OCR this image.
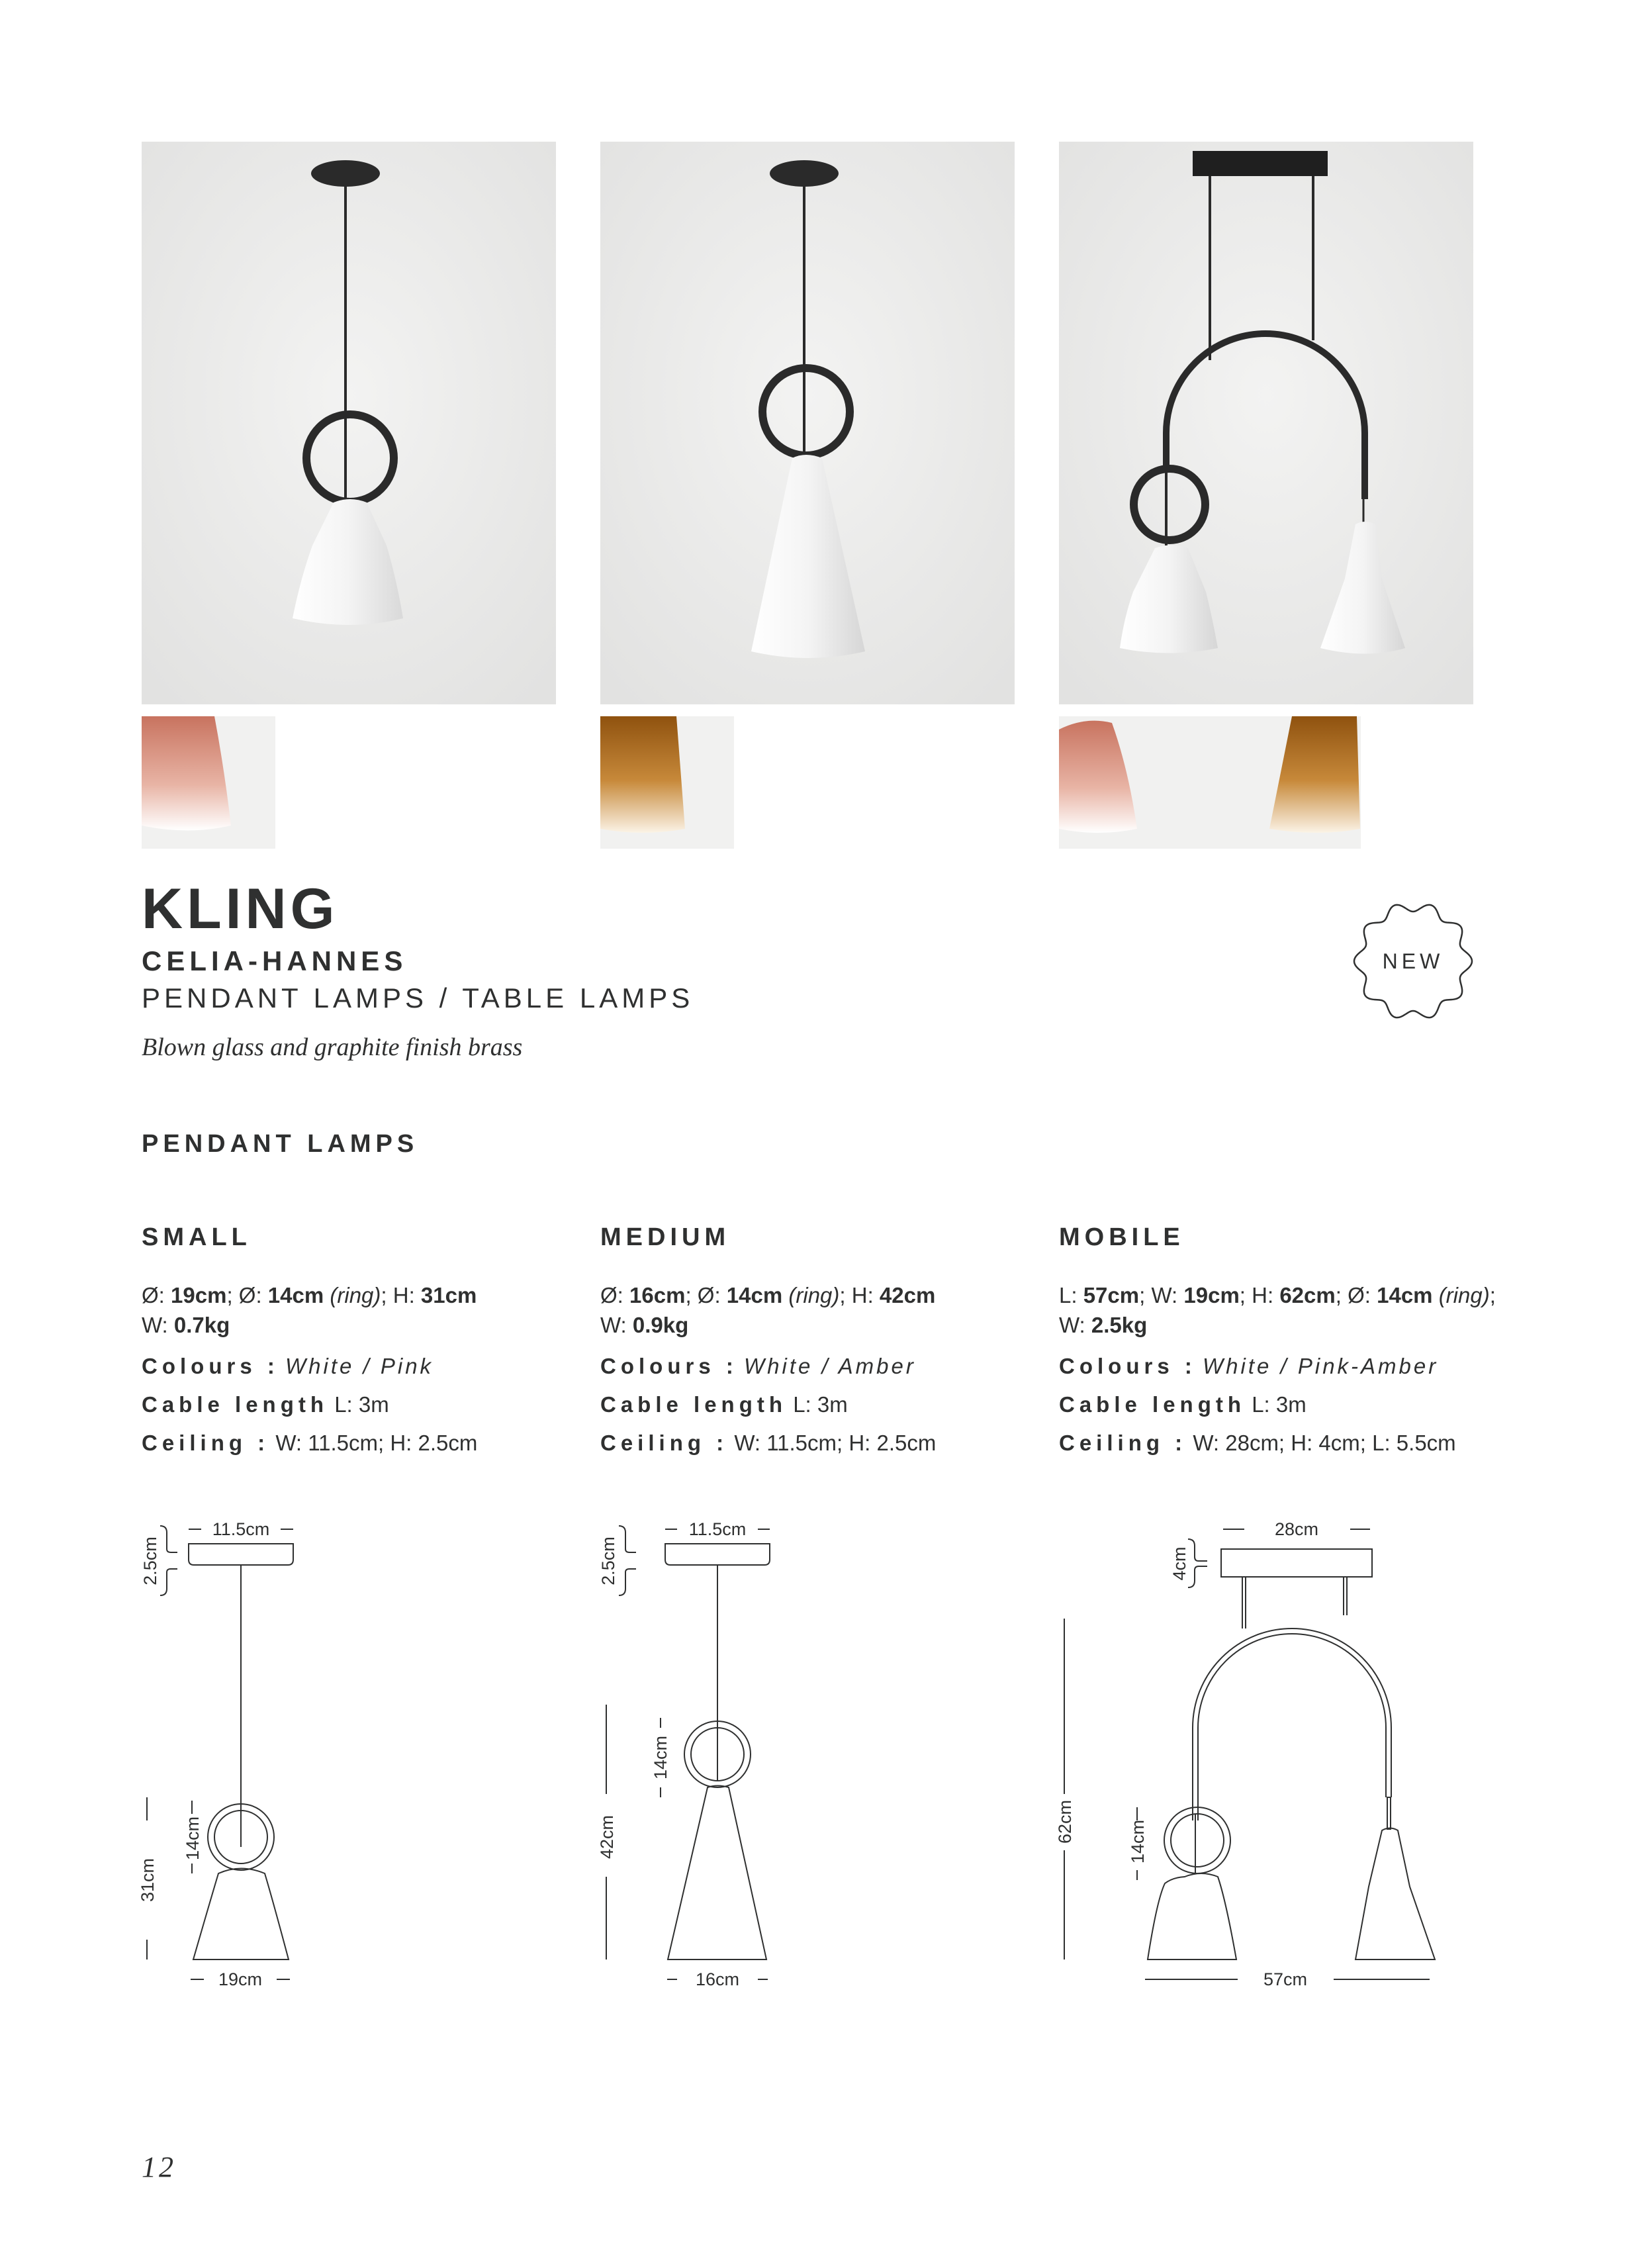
KLING
CELIA-HANNES
PENDANT LAMPS / TABLE LAMPS
Blown glass and graphite finish brass
NEW
PENDANT LAMPS
SMALL
Ø: 19cm; Ø: 14cm (ring); H: 31cm
W: 0.7kg
Colours : White / Pink
Cable length L: 3m
Ceiling : W: 11.5cm; H: 2.5cm
MEDIUM
Ø: 16cm; Ø: 14cm (ring); H: 42cm
W: 0.9kg
Colours : White / Amber
Cable length L: 3m
Ceiling : W: 11.5cm; H: 2.5cm
MOBILE
L: 57cm; W: 19cm; H: 62cm; Ø: 14cm (ring);
W: 2.5kg
Colours : White / Pink-Amber
Cable length L: 3m
Ceiling : W: 28cm; H: 4cm; L: 5.5cm
11.5cm
2.5cm
14cm
31cm
19cm
11.5cm
2.5cm
14cm
42cm
16cm
28cm
4cm
14cm
62cm
57cm
12
